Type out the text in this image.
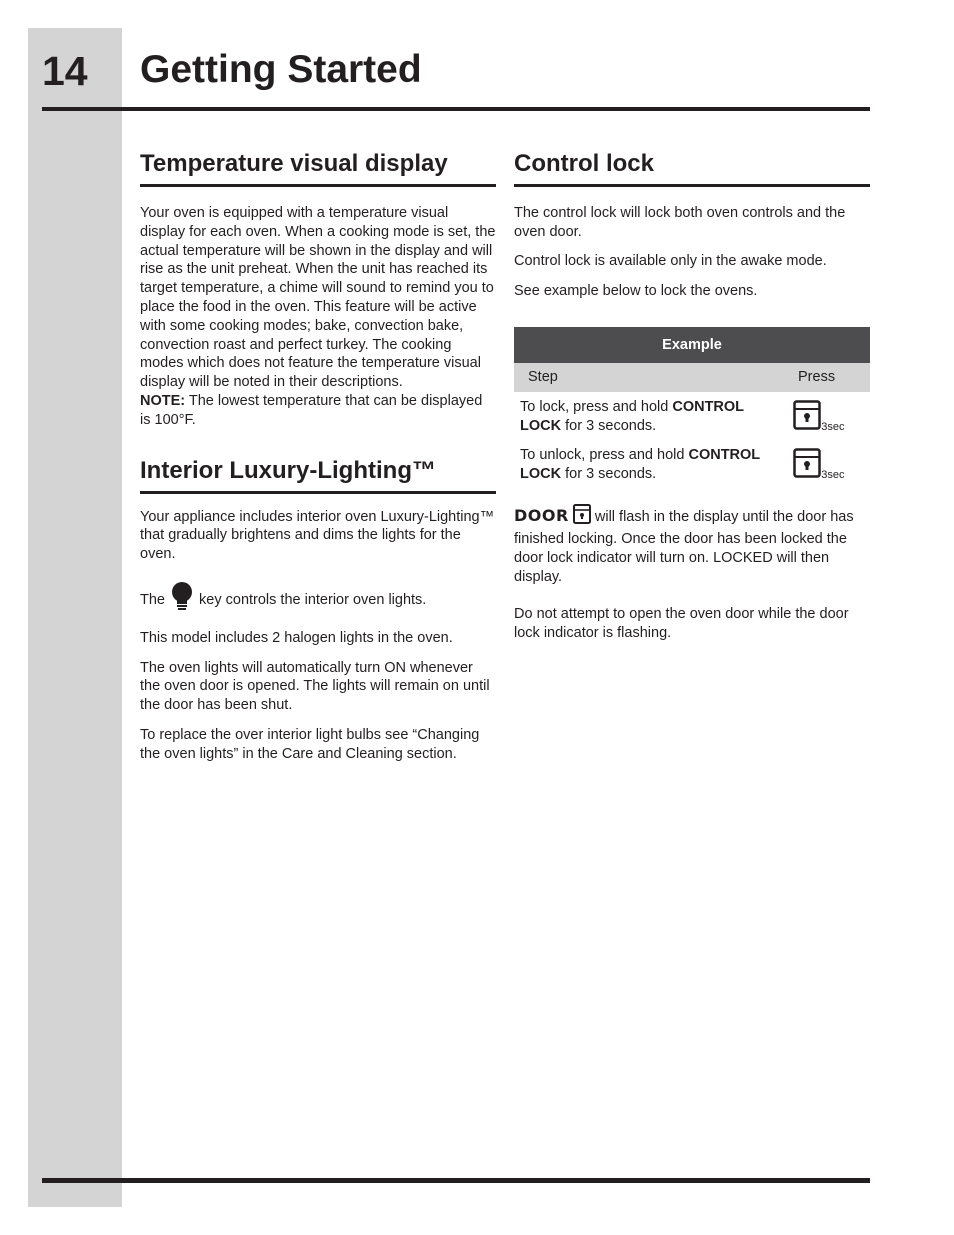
14 Getting Started
Temperature visual display

Your oven is equipped with a temperature visual display for each oven. When a cooking mode is set, the actual temperature will be shown in the display and will rise as the unit preheat. When the unit has reached its target temperature, a chime will sound to remind you to place the food in the oven. This feature will be active with some cooking modes; bake, convection bake, convection roast and perfect turkey. The cooking modes which does not feature the temperature visual display will be noted in their descriptions.

NOTE: The lowest temperature that can be displayed is 100°F.

Interior Luxury-Lighting™

Your appliance includes interior oven Luxury-Lighting™ that gradually brightens and dims the lights for the oven.

The  key controls the interior oven lights.

This model includes 2 halogen lights in the oven.

The oven lights will automatically turn ON whenever the oven door is opened. The lights will remain on until the door has been shut.

To replace the over interior light bulbs see “Changing the oven lights” in the Care and Cleaning section.

Control lock

The control lock will lock both oven controls and the oven door.

Control lock is available only in the awake mode.

See example below to lock the ovens.

Example
Step	Press
To lock, press and hold CONTROL LOCK for 3 seconds.	3sec
To unlock, press and hold CONTROL LOCK for 3 seconds.	3sec

DOOR  will flash in the display until the door has finished locking. Once the door has been locked the door lock indicator will turn on. LOCKED will then display.

Do not attempt to open the oven door while the door lock indicator is flashing.
